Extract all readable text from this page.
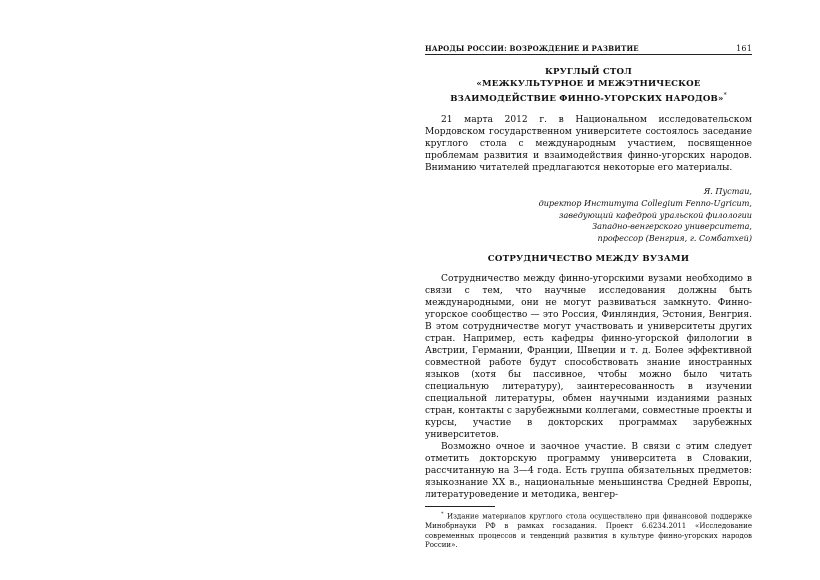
НАРОДЫ РОССИИ: ВОЗРОЖДЕНИЕ И РАЗВИТИЕ	161
КРУГЛЫЙ СТОЛ
«МЕЖКУЛЬТУРНОЕ И МЕЖЭТНИЧЕСКОЕ
ВЗАИМОДЕЙСТВИЕ ФИННО-УГОРСКИХ НАРОДОВ»*

21 марта 2012 г. в Национальном исследовательском Мордовском государственном университете состоялось заседание круглого стола с международным участием, посвященное проблемам развития и взаимодействия финно-угорских народов. Вниманию читателей предлагаются некоторые его материалы.

Я. Пустаи,
директор Института Collegium Fenno-Ugricum,
заведующий кафедрой уральской филологии
Западно-венгерского университета,
профессор (Венгрия, г. Сомбатхей)
СОТРУДНИЧЕСТВО МЕЖДУ ВУЗАМИ

Сотрудничество между финно-угорскими вузами необходимо в связи с тем, что научные исследования должны быть международными, они не могут развиваться замкнуто. Финно-угорское сообщество — это Россия, Финляндия, Эстония, Венгрия. В этом сотрудничестве могут участвовать и университеты других стран. Например, есть кафедры финно-угорской филологии в Австрии, Германии, Франции, Швеции и т. д. Более эффективной совместной работе будут способствовать знание иностранных языков (хотя бы пассивное, чтобы можно было читать специальную литературу), заинтересованность в изучении специальной литературы, обмен научными изданиями разных стран, контакты с зарубежными коллегами, совместные проекты и курсы, участие в докторских программах зарубежных университетов.

Возможно очное и заочное участие. В связи с этим следует отметить докторскую программу университета в Словакии, рассчитанную на 3—4 года. Есть группа обязательных предметов: языкознание XX в., национальные меньшинства Средней Европы, литературоведение и методика, венгер-

* Издание материалов круглого стола осуществлено при финансовой поддержке Минобрнауки РФ в рамках госзадания. Проект 6.6234.2011 «Исследование современных процессов и тенденций развития в культуре финно-угорских народов России».
